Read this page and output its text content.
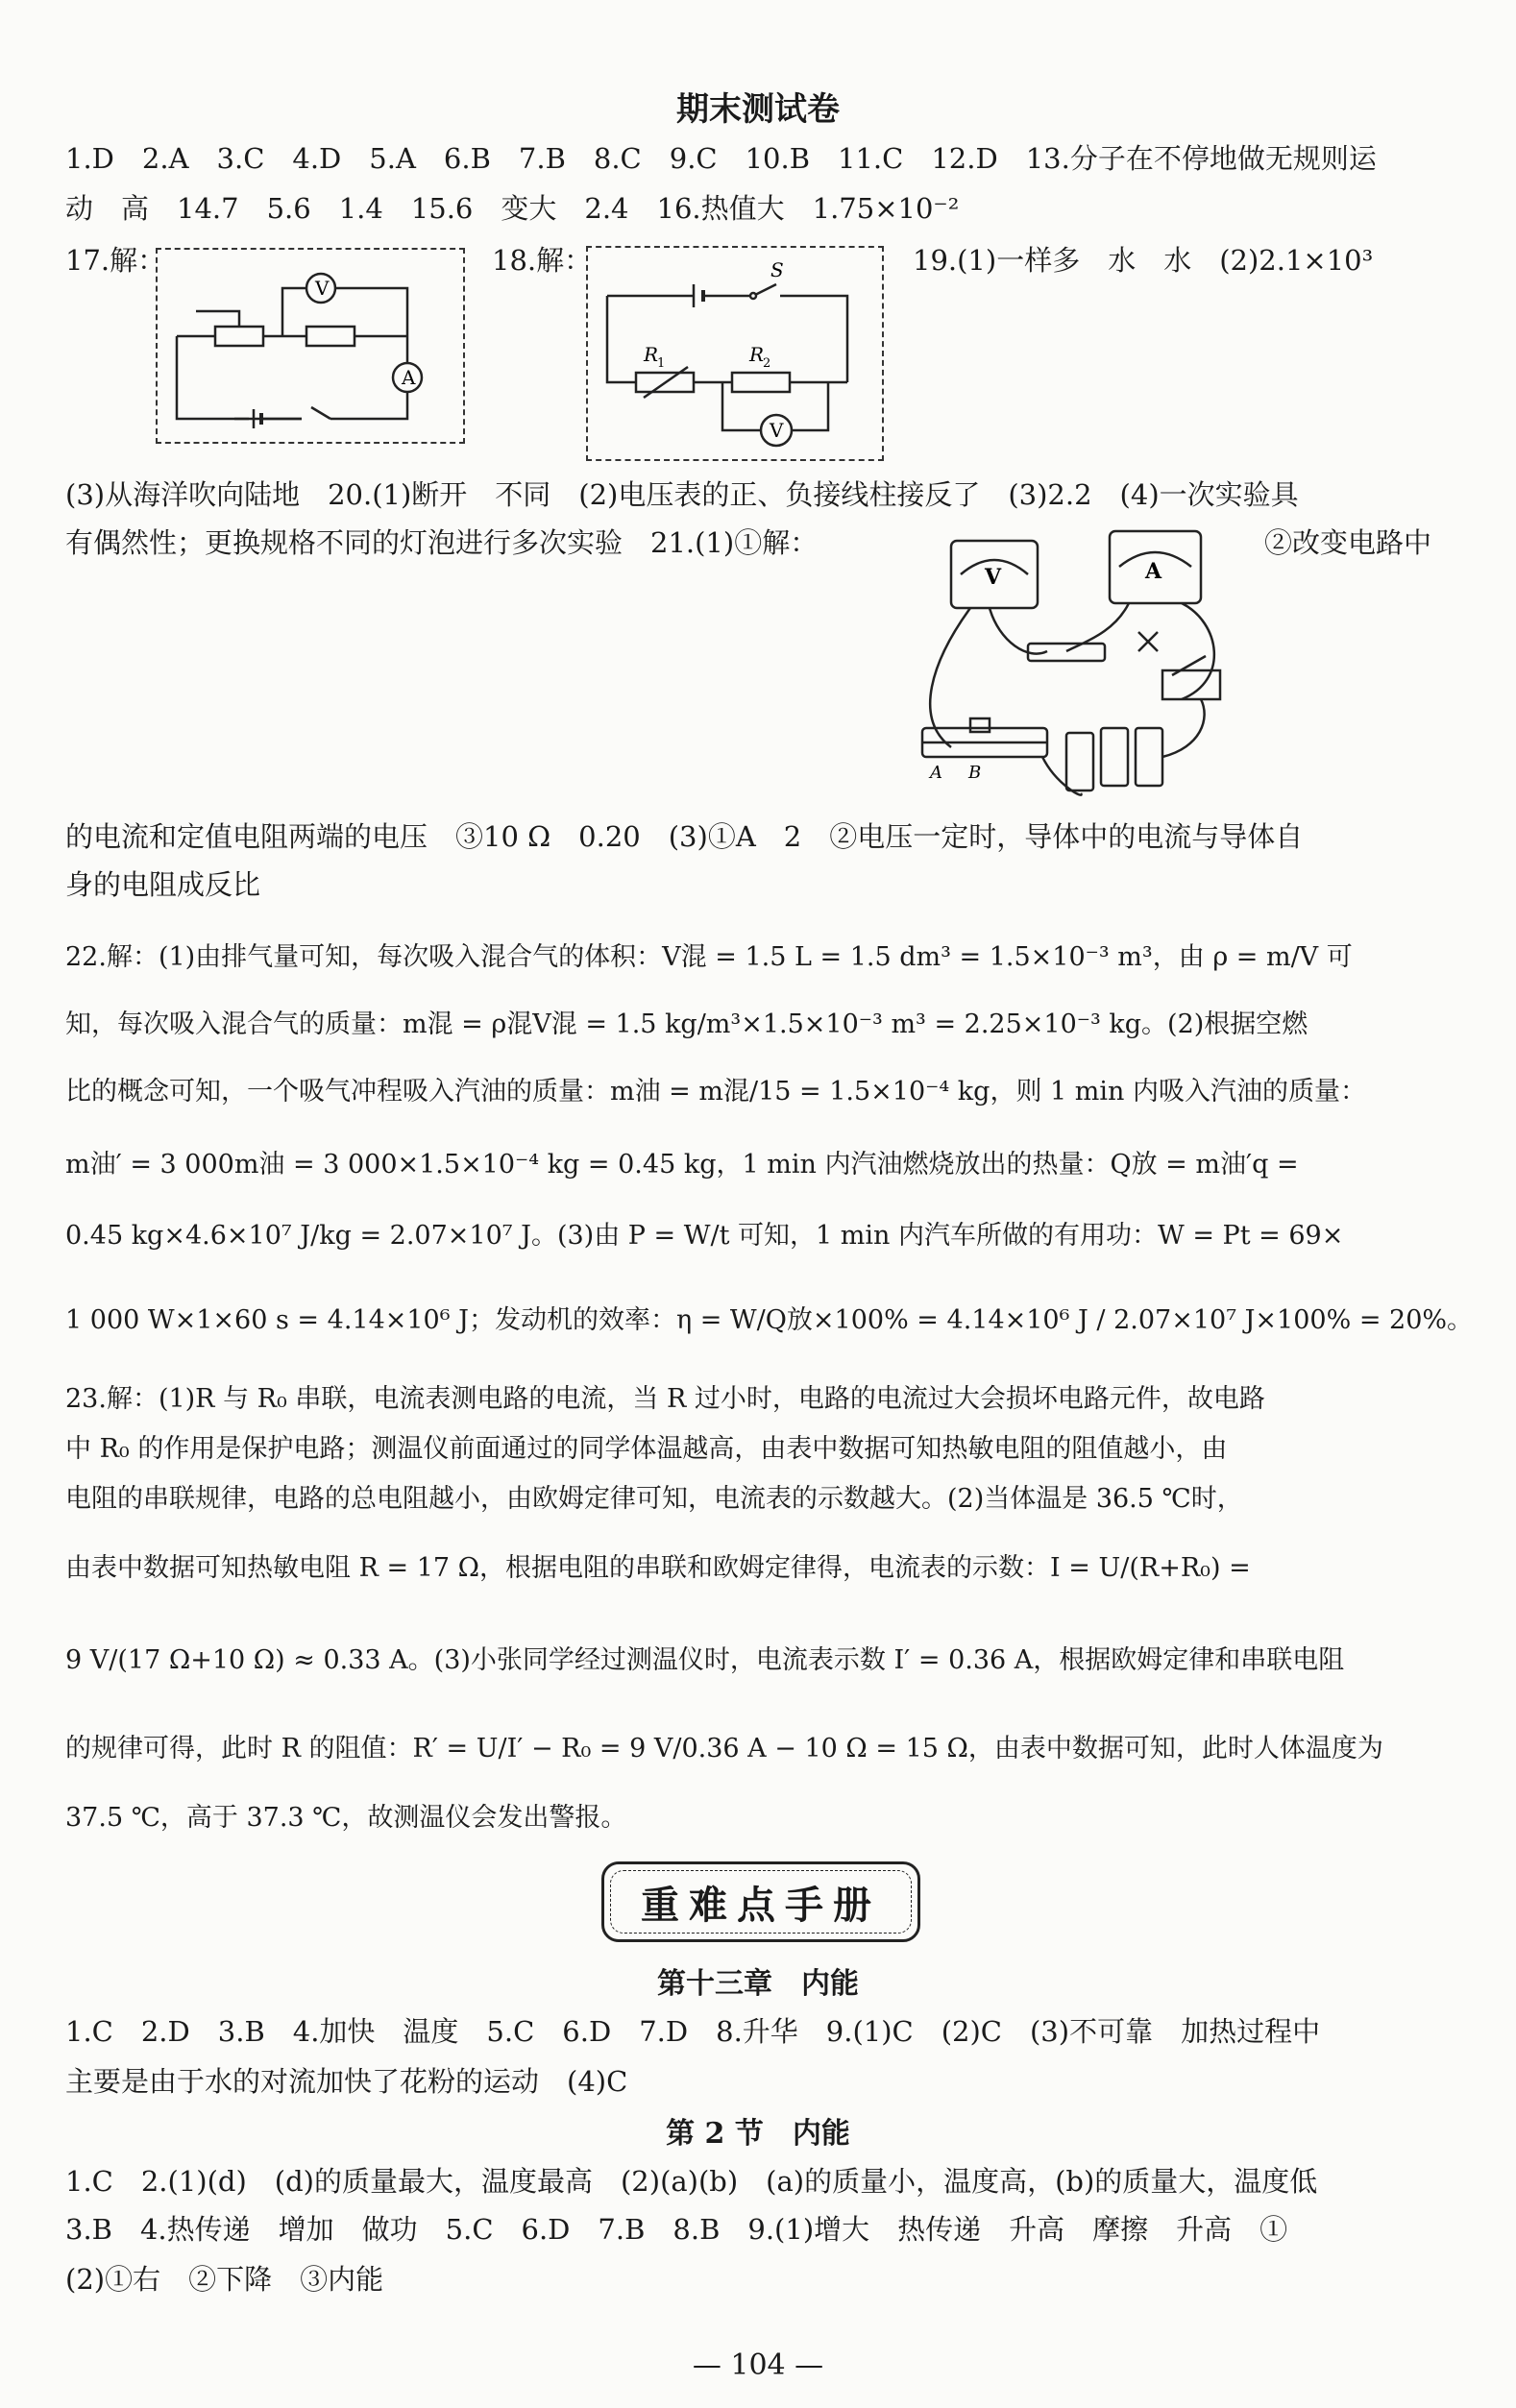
期末测试卷
1.D　2.A　3.C　4.D　5.A　6.B　7.B　8.C　9.C　10.B　11.C　12.D　13.分子在不停地做无规则运
动　高　14.7　5.6　1.4　15.6　变大　2.4　16.热值大　1.75×10⁻²
17.解：
V
A
18.解：	S
R
1	R
2
V
19.(1)一样多　水　水　(2)2.1×10³
(3)从海洋吹向陆地　20.(1)断开　不同　(2)电压表的正、负接线柱接反了　(3)2.2　(4)一次实验具
有偶然性；更换规格不同的灯泡进行多次实验　21.(1)①解：	②改变电路中
V	A
A B
的电流和定值电阻两端的电压　③10 Ω　0.20　(3)①A　2　②电压一定时，导体中的电流与导体自
身的电阻成反比
22.解：(1)由排气量可知，每次吸入混合气的体积：V混 = 1.5 L = 1.5 dm³ = 1.5×10⁻³ m³，由 ρ = m/V 可
知，每次吸入混合气的质量：m混 = ρ混V混 = 1.5 kg/m³×1.5×10⁻³ m³ = 2.25×10⁻³ kg。(2)根据空燃
比的概念可知，一个吸气冲程吸入汽油的质量：m油 = m混/15 = 1.5×10⁻⁴ kg，则 1 min 内吸入汽油的质量：
m油′ = 3 000m油 = 3 000×1.5×10⁻⁴ kg = 0.45 kg，1 min 内汽油燃烧放出的热量：Q放 = m油′q =
0.45 kg×4.6×10⁷ J/kg = 2.07×10⁷ J。(3)由 P = W/t 可知，1 min 内汽车所做的有用功：W = Pt = 69×
1 000 W×1×60 s = 4.14×10⁶ J；发动机的效率：η = W/Q放×100% = 4.14×10⁶ J / 2.07×10⁷ J×100% = 20%。
23.解：(1)R 与 R₀ 串联，电流表测电路的电流，当 R 过小时，电路的电流过大会损坏电路元件，故电路
中 R₀ 的作用是保护电路；测温仪前面通过的同学体温越高，由表中数据可知热敏电阻的阻值越小，由
电阻的串联规律，电路的总电阻越小，由欧姆定律可知，电流表的示数越大。(2)当体温是 36.5 ℃时，
由表中数据可知热敏电阻 R = 17 Ω，根据电阻的串联和欧姆定律得，电流表的示数：I = U/(R+R₀) =
9 V/(17 Ω+10 Ω) ≈ 0.33 A。(3)小张同学经过测温仪时，电流表示数 I′ = 0.36 A，根据欧姆定律和串联电阻
的规律可得，此时 R 的阻值：R′ = U/I′ − R₀ = 9 V/0.36 A − 10 Ω = 15 Ω，由表中数据可知，此时人体温度为
37.5 ℃，高于 37.3 ℃，故测温仪会发出警报。
重难点手册
第十三章　内能
1.C　2.D　3.B　4.加快　温度　5.C　6.D　7.D　8.升华　9.(1)C　(2)C　(3)不可靠　加热过程中
主要是由于水的对流加快了花粉的运动　(4)C
第 2 节　内能
1.C　2.(1)(d)　(d)的质量最大，温度最高　(2)(a)(b)　(a)的质量小，温度高，(b)的质量大，温度低
3.B　4.热传递　增加　做功　5.C　6.D　7.B　8.B　9.(1)增大　热传递　升高　摩擦　升高　①
(2)①右　②下降　③内能
— 104 —
